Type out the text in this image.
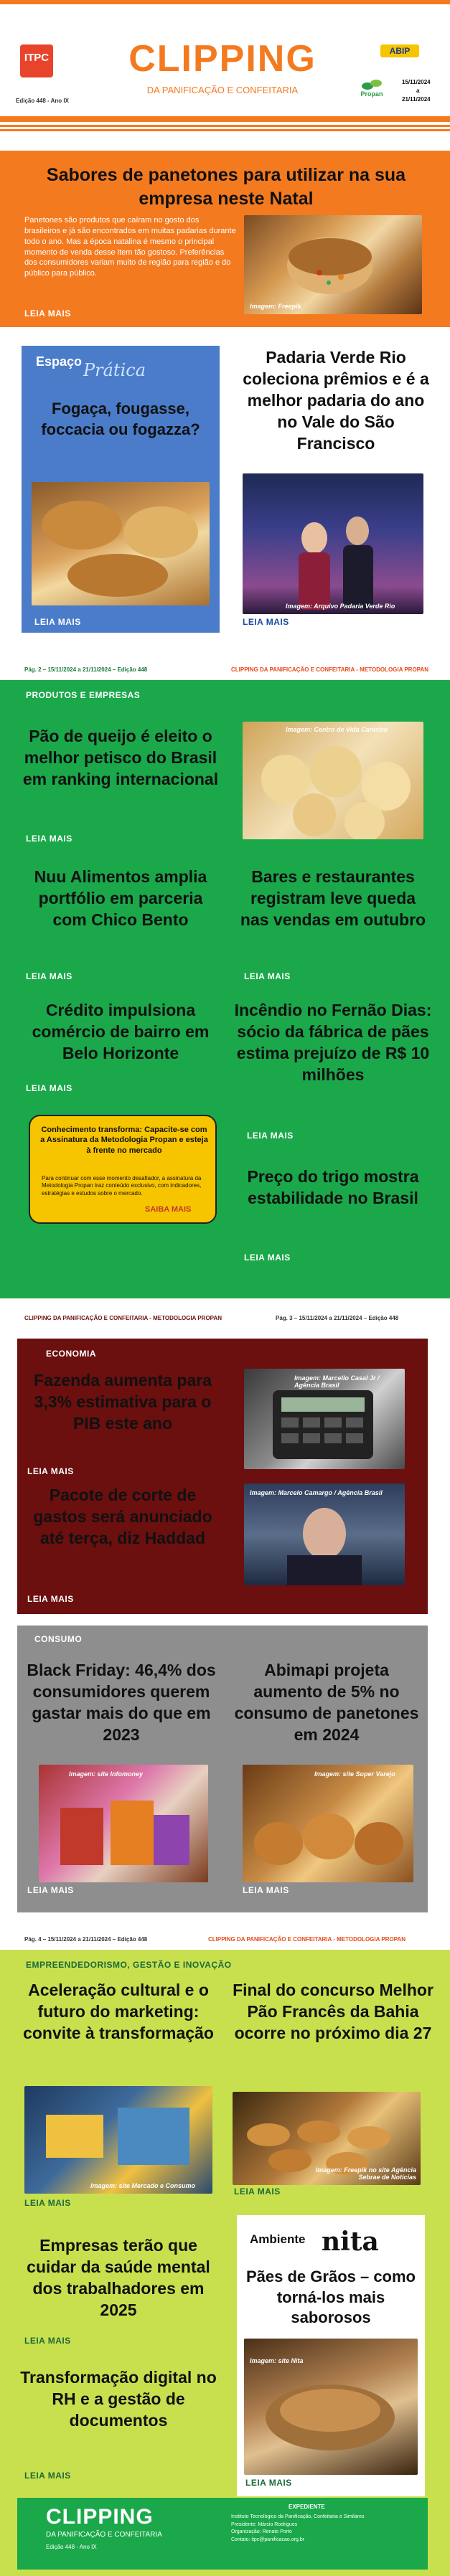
ITPC
Edição 448 - Ano IX
CLIPPING
DA PANIFICAÇÃO E CONFEITARIA
ABIP
15/11/2024
a
21/11/2024
Propan
Sabores de panetones para utilizar na sua empresa neste Natal
Panetones são produtos que caíram no gosto dos brasileiros e já são encontrados em muitas padarias durante todo o ano. Mas a época natalina é mesmo o principal momento de venda desse item tão gostoso. Preferências dos consumidores variam muito de região para região e do público para público.
Imagem: Freepik
LEIA MAIS
Espaço Prática
Fogaça, fougasse, foccacia ou fogazza?
LEIA MAIS
Padaria Verde Rio coleciona prêmios e é a melhor padaria do ano no Vale do São Francisco
Imagem: Arquivo Padaria Verde Rio
LEIA MAIS
Pág. 2 – 15/11/2024 a 21/11/2024 – Edição 448	CLIPPING DA PANIFICAÇÃO E CONFEITARIA - METODOLOGIA PROPAN
PRODUTOS E EMPRESAS
Pão de queijo é eleito o melhor petisco do Brasil em ranking internacional
Imagem: Centro de Vida Canistro
LEIA MAIS
Nuu Alimentos amplia portfólio em parceria com Chico Bento
LEIA MAIS
Bares e restaurantes registram leve queda nas vendas em outubro
LEIA MAIS
Crédito impulsiona comércio de bairro em Belo Horizonte
LEIA MAIS
Incêndio no Fernão Dias: sócio da fábrica de pães estima prejuízo de R$ 10 milhões
LEIA MAIS
Conhecimento transforma: Capacite-se com a Assinatura da Metodologia Propan e esteja à frente no mercado
Para continuar com esse momento desafiador, a assinatura da Metodologia Propan traz conteúdo exclusivo, com indicadores, estratégias e estudos sobre o mercado.
SAIBA MAIS
Preço do trigo mostra estabilidade no Brasil
LEIA MAIS
CLIPPING DA PANIFICAÇÃO E CONFEITARIA - METODOLOGIA PROPAN	Pág. 3 – 15/11/2024 a 21/11/2024 – Edição 448
ECONOMIA
Fazenda aumenta para 3,3% estimativa para o PIB este ano
Imagem: Marcello Casal Jr / Agência Brasil
LEIA MAIS
Pacote de corte de gastos será anunciado até terça, diz Haddad
Imagem: Marcelo Camargo / Agência Brasil
LEIA MAIS
CONSUMO
Black Friday: 46,4% dos consumidores querem gastar mais do que em 2023
Imagem: site Infomoney
LEIA MAIS
Abimapi projeta aumento de 5% no consumo de panetones em 2024
Imagem: site Super Varejo
LEIA MAIS
Pág. 4 – 15/11/2024 a 21/11/2024 – Edição 448	CLIPPING DA PANIFICAÇÃO E CONFEITARIA - METODOLOGIA PROPAN
EMPREENDEDORISMO, GESTÃO E INOVAÇÃO
Aceleração cultural e o futuro do marketing: convite à transformação
Imagem: site Mercado e Consumo
LEIA MAIS
Final do concurso Melhor Pão Francês da Bahia ocorre no próximo dia 27
Imagem: Freepik no site Agência Sebrae de Notícias
LEIA MAIS
Empresas terão que cuidar da saúde mental dos trabalhadores em 2025
LEIA MAIS
Transformação digital no RH e a gestão de documentos
LEIA MAIS
Ambiente nita
Pães de Grãos – como torná-los mais saborosos
Imagem: site Nita
LEIA MAIS
CLIPPING
DA PANIFICAÇÃO E CONFEITARIA
Edição 448 - Ano IX
EXPEDIENTE
Instituto Tecnológico da Panificação, Confeitaria e Similares
Presidente: Márcio Rodrigues
Organização: Renato Porto
Contato: itpc@panificacao.org.br
